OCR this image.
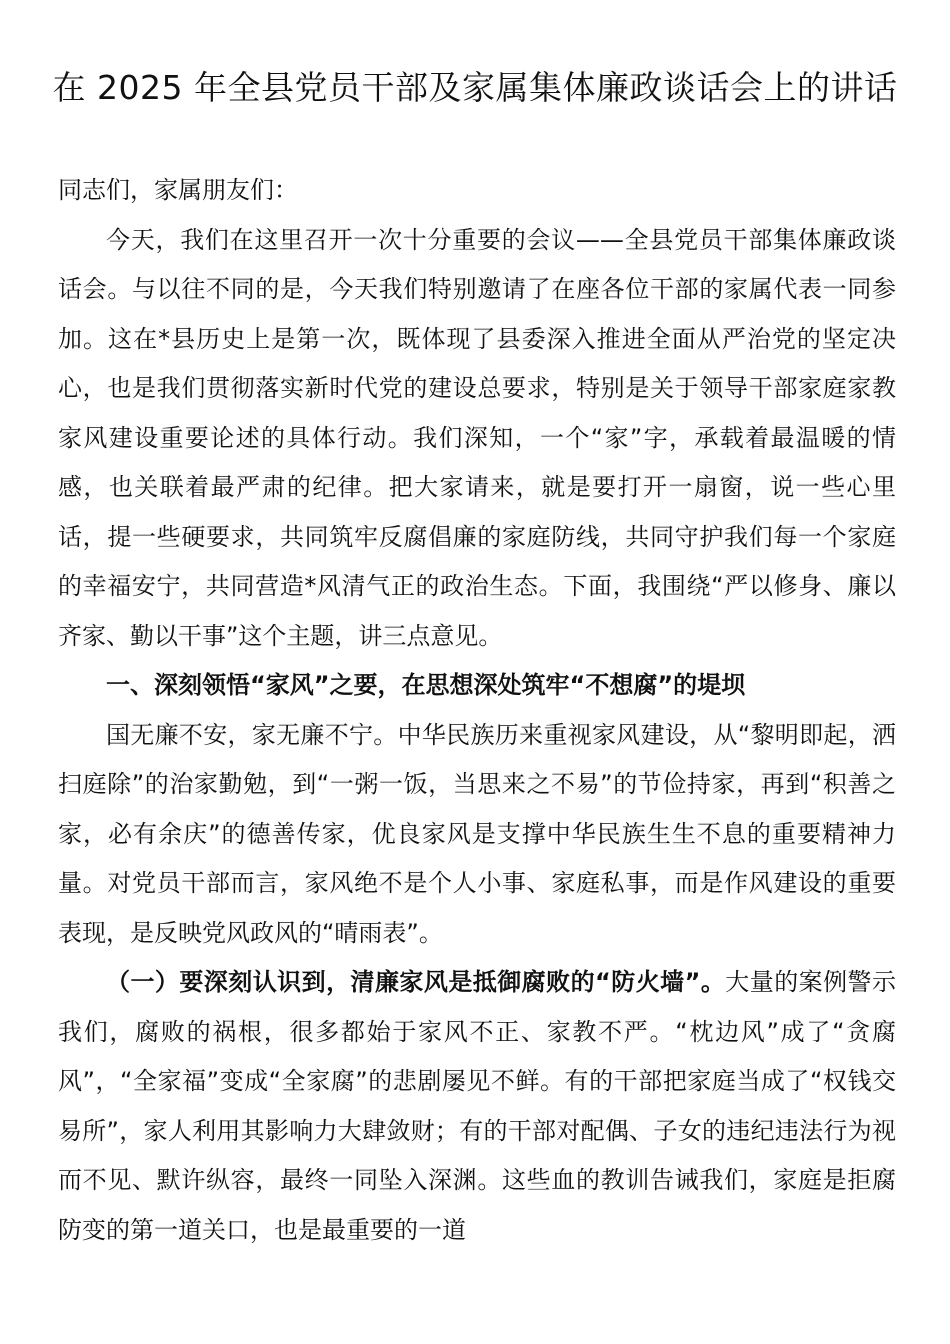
在 2025 年全县党员干部及家属集体廉政谈话会上的讲话

同志们，家属朋友们：

今天，我们在这里召开一次十分重要的会议——全县党员干部集体廉政谈话会。与以往不同的是，今天我们特别邀请了在座各位干部的家属代表一同参加。这在*县历史上是第一次，既体现了县委深入推进全面从严治党的坚定决心，也是我们贯彻落实新时代党的建设总要求，特别是关于领导干部家庭家教家风建设重要论述的具体行动。我们深知，一个“家”字，承载着最温暖的情感，也关联着最严肃的纪律。把大家请来，就是要打开一扇窗，说一些心里话，提一些硬要求，共同筑牢反腐倡廉的家庭防线，共同守护我们每一个家庭的幸福安宁，共同营造*风清气正的政治生态。下面，我围绕“严以修身、廉以齐家、勤以干事”这个主题，讲三点意见。

一、深刻领悟“家风”之要，在思想深处筑牢“不想腐”的堤坝

国无廉不安，家无廉不宁。中华民族历来重视家风建设，从“黎明即起，洒扫庭除”的治家勤勉，到“一粥一饭，当思来之不易”的节俭持家，再到“积善之家，必有余庆”的德善传家，优良家风是支撑中华民族生生不息的重要精神力量。对党员干部而言，家风绝不是个人小事、家庭私事，而是作风建设的重要表现，是反映党风政风的“晴雨表”。

（一）要深刻认识到，清廉家风是抵御腐败的“防火墙”。大量的案例警示我们，腐败的祸根，很多都始于家风不正、家教不严。“枕边风”成了“贪腐风”，“全家福”变成“全家腐”的悲剧屡见不鲜。有的干部把家庭当成了“权钱交易所”，家人利用其影响力大肆敛财；有的干部对配偶、子女的违纪违法行为视而不见、默许纵容，最终一同坠入深渊。这些血的教训告诫我们，家庭是拒腐防变的第一道关口，也是最重要的一道
